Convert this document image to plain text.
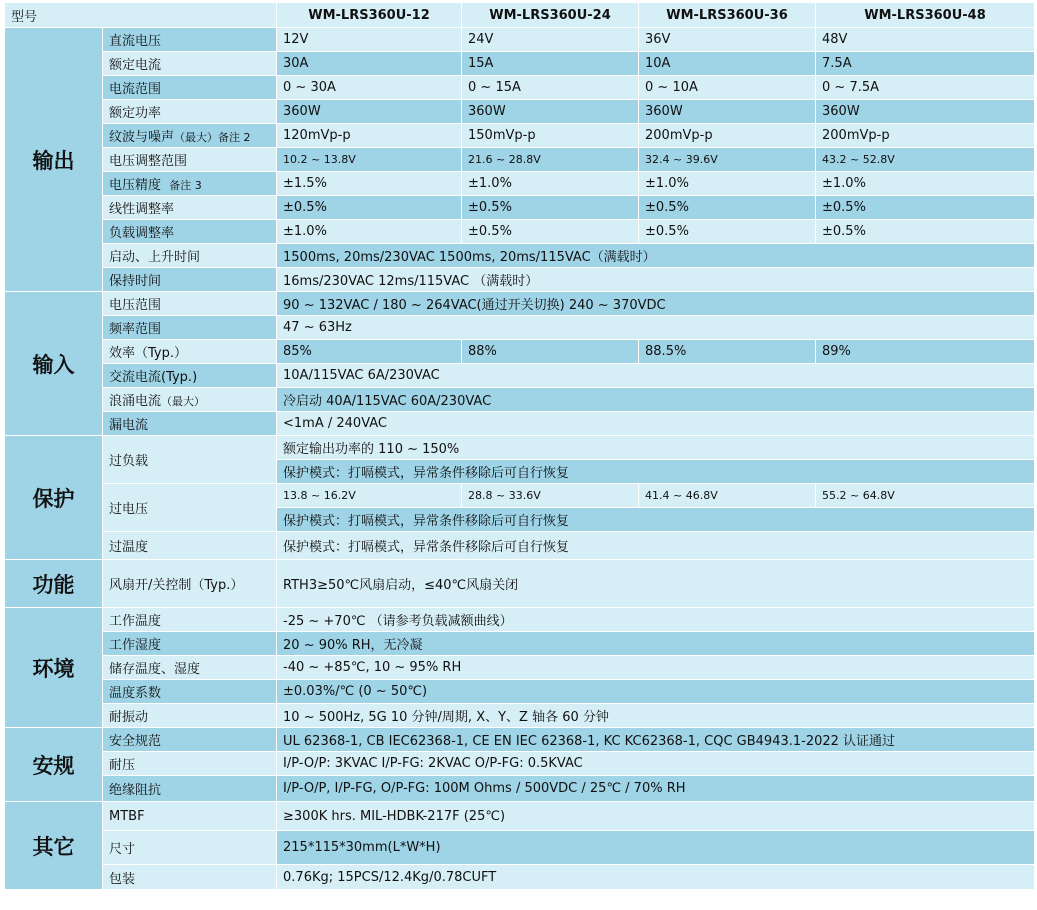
型号		WM-LRS360U-12	WM-LRS360U-24	WM-LRS360U-36	WM-LRS360U-48
输出	直流电压	12V	24V	36V	48V
	额定电流	30A	15A	10A	7.5A
	电流范围	0 ~ 30A	0 ~ 15A	0 ~ 10A	0 ~ 7.5A
	额定功率	360W	360W	360W	360W
	纹波与噪声（最大）备注 2	120mVp-p	150mVp-p	200mVp-p	200mVp-p
	电压调整范围	10.2 ~ 13.8V	21.6 ~ 28.8V	32.4 ~ 39.6V	43.2 ~ 52.8V
	电压精度 备注 3	±1.5%	±1.0%	±1.0%	±1.0%
	线性调整率	±0.5%	±0.5%	±0.5%	±0.5%
	负载调整率	±1.0%	±0.5%	±0.5%	±0.5%
	启动、上升时间	1500ms, 20ms/230VAC 1500ms, 20ms/115VAC（满载时）			
	保持时间	16ms/230VAC 12ms/115VAC （满载时）			
输入	电压范围	90 ~ 132VAC / 180 ~ 264VAC(通过开关切换) 240 ~ 370VDC			
	频率范围	47 ~ 63Hz			
	效率（Typ.）	85%	88%	88.5%	89%
	交流电流(Typ.)	10A/115VAC 6A/230VAC			
	浪涌电流（最大）	冷启动 40A/115VAC 60A/230VAC			
	漏电流	<1mA / 240VAC			
保护	过负载	额定输出功率的 110 ~ 150%			
		保护模式：打嗝模式，异常条件移除后可自行恢复			
	过电压	13.8 ~ 16.2V	28.8 ~ 33.6V	41.4 ~ 46.8V	55.2 ~ 64.8V
		保护模式：打嗝模式，异常条件移除后可自行恢复			
	过温度	保护模式：打嗝模式，异常条件移除后可自行恢复			
功能	风扇开/关控制（Typ.）	RTH3≥50℃风扇启动，≤40℃风扇关闭			
环境	工作温度	-25 ~ +70℃ （请参考负载减额曲线）			
	工作湿度	20 ~ 90% RH，无冷凝			
	储存温度、湿度	-40 ~ +85℃, 10 ~ 95% RH			
	温度系数	±0.03%/℃ (0 ~ 50℃)			
	耐振动	10 ~ 500Hz, 5G 10 分钟/周期, X、Y、Z 轴各 60 分钟			
安规	安全规范	UL 62368-1, CB IEC62368-1, CE EN IEC 62368-1, KC KC62368-1, CQC GB4943.1-2022 认证通过			
	耐压	I/P-O/P: 3KVAC I/P-FG: 2KVAC O/P-FG: 0.5KVAC			
	绝缘阻抗	I/P-O/P, I/P-FG, O/P-FG: 100M Ohms / 500VDC / 25℃ / 70% RH			
其它	MTBF	≥300K hrs. MIL-HDBK-217F (25℃)			
	尺寸	215*115*30mm(L*W*H)			
	包装	0.76Kg; 15PCS/12.4Kg/0.78CUFT			
